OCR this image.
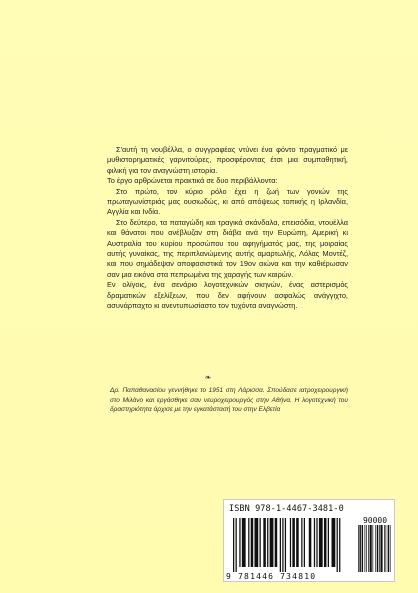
Σ'αυτή τη νουβέλλα, ο συγγραφέας ντύνει ένα φόντο πραγματικό με μυθιστορηματικές γαρνιτούρες, προσφέροντας έτσι μια συμπαθητική, φιλική για τον αναγνώστη ιστορία.

Το έργο αρθρώνεται πρακτικά σε δυο περιβάλλοντα:

Στο πρώτο, τον κύριο ρόλο έχει η ζωή των γονιών της πρωταγωνίστριάς μας ουσιωδώς, κι από απόψεως τοπικής η Ιρλανδία, Αγγλία και Ινδία.

Στο δεύτερο, τα παταγώδη και τραγικά σκάνδαλα, επεισόδια, ντουέλλα και θάνατοι που ανέβλυζαν στη διάβα ανά την Ευρώπη, Αμερική κι Αυστραλία του κυρίου προσώπου του αφηγήματός μας, της μοιραίας αυτής γυναίκας, της περιπλανώμενης αυτής αμαρτωλής, Λόλας Μοντέζ, και που σημάδεψαν αποφασιστικά τον 19ον αιώνα και την καθιέρωσαν σαν μια εικόνα στα πεπρωμένα της χαραγής των καιρών.

Εν ολίγοις, ένα σενάριο λογοτεχνικών σκηνών, ένας αστερισμός δραματικών εξελίξεων, που δεν αφήνουν ασφαλώς ανάγγιχτο, ασυνάρπαχτο κι ανεντυπωσίαστο τον τυχόντα αναγνώστη.

❧
Δρ. Παπαθανασίου γεννήθηκε το 1951 στη Λάρισσα. Σπούδασε ιατροχειρουργική στο Μιλάνο και εργάσθηκε σαν νευροχειρουργός στην Αθήνα. Η λογοτεχνική του δραστηριότητα άρχισε με την εγκατάστασή του στην Ελβετία
ISBN 978-1-4467-3481-0
90000
9 781446 734810
